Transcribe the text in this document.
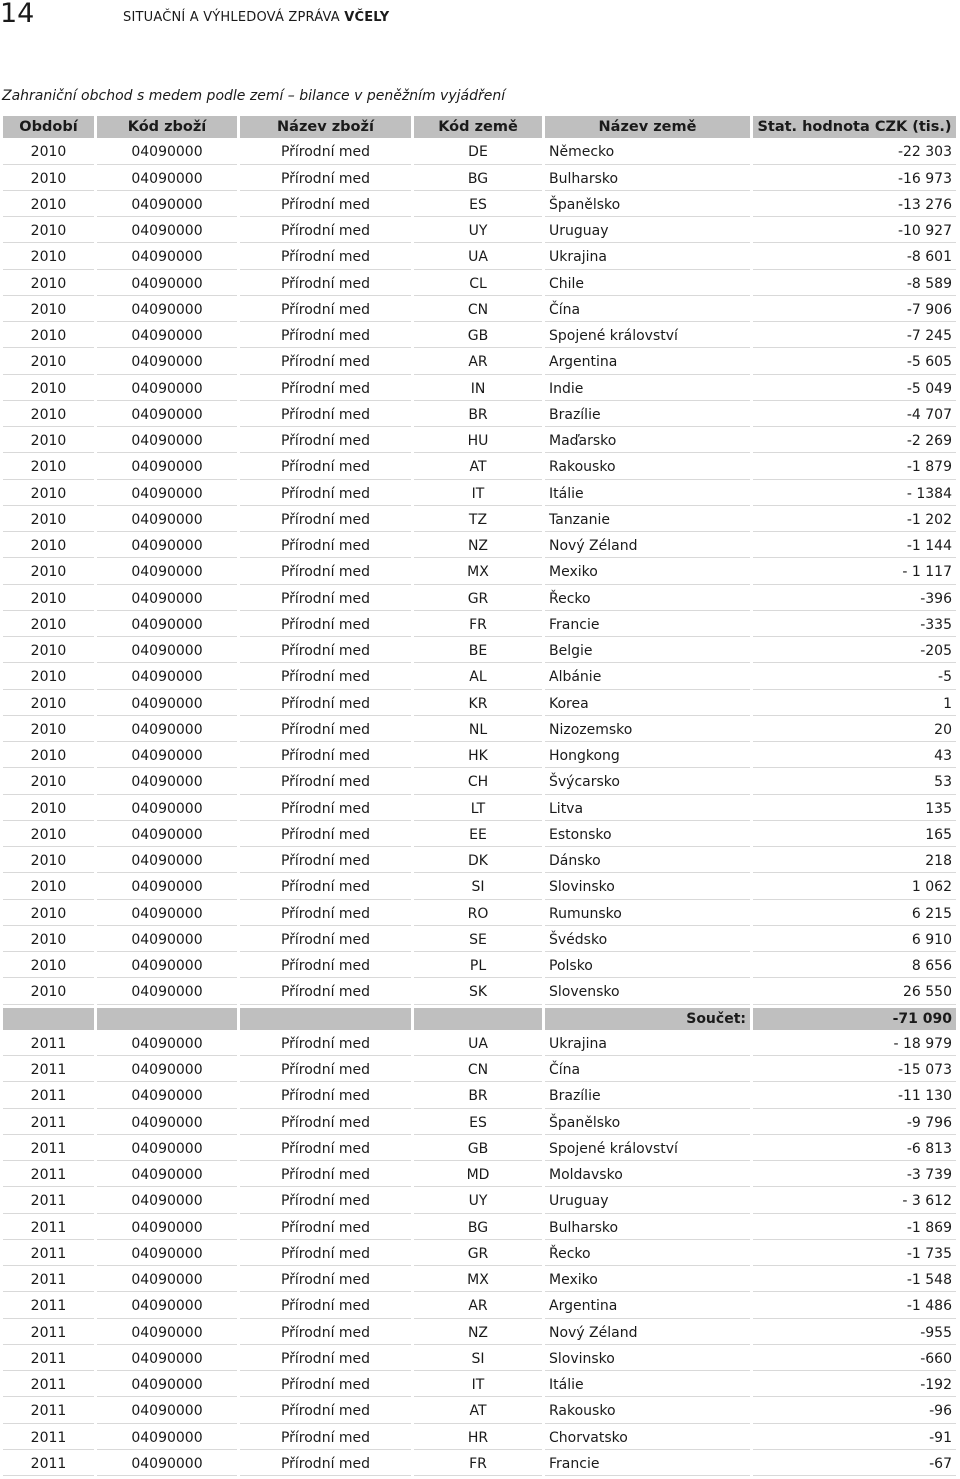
14	SITUAČNÍ A VÝHLEDOVÁ ZPRÁVA VČELY
Zahraniční obchod s medem podle zemí – bilance v peněžním vyjádření
Období	Kód zboží	Název zboží	Kód země	Název země	Stat. hodnota CZK (tis.)
2010	04090000	Přírodní med	DE	Německo	-22 303
2010	04090000	Přírodní med	BG	Bulharsko	-16 973
2010	04090000	Přírodní med	ES	Španělsko	-13 276
2010	04090000	Přírodní med	UY	Uruguay	-10 927
2010	04090000	Přírodní med	UA	Ukrajina	-8 601
2010	04090000	Přírodní med	CL	Chile	-8 589
2010	04090000	Přírodní med	CN	Čína	-7 906
2010	04090000	Přírodní med	GB	Spojené království	-7 245
2010	04090000	Přírodní med	AR	Argentina	-5 605
2010	04090000	Přírodní med	IN	Indie	-5 049
2010	04090000	Přírodní med	BR	Brazílie	-4 707
2010	04090000	Přírodní med	HU	Maďarsko	-2 269
2010	04090000	Přírodní med	AT	Rakousko	-1 879
2010	04090000	Přírodní med	IT	Itálie	- 1384
2010	04090000	Přírodní med	TZ	Tanzanie	-1 202
2010	04090000	Přírodní med	NZ	Nový Zéland	-1 144
2010	04090000	Přírodní med	MX	Mexiko	- 1 117
2010	04090000	Přírodní med	GR	Řecko	-396
2010	04090000	Přírodní med	FR	Francie	-335
2010	04090000	Přírodní med	BE	Belgie	-205
2010	04090000	Přírodní med	AL	Albánie	-5
2010	04090000	Přírodní med	KR	Korea	1
2010	04090000	Přírodní med	NL	Nizozemsko	20
2010	04090000	Přírodní med	HK	Hongkong	43
2010	04090000	Přírodní med	CH	Švýcarsko	53
2010	04090000	Přírodní med	LT	Litva	135
2010	04090000	Přírodní med	EE	Estonsko	165
2010	04090000	Přírodní med	DK	Dánsko	218
2010	04090000	Přírodní med	SI	Slovinsko	1 062
2010	04090000	Přírodní med	RO	Rumunsko	6 215
2010	04090000	Přírodní med	SE	Švédsko	6 910
2010	04090000	Přírodní med	PL	Polsko	8 656
2010	04090000	Přírodní med	SK	Slovensko	26 550
				Součet:	-71 090
2011	04090000	Přírodní med	UA	Ukrajina	- 18 979
2011	04090000	Přírodní med	CN	Čína	-15 073
2011	04090000	Přírodní med	BR	Brazílie	-11 130
2011	04090000	Přírodní med	ES	Španělsko	-9 796
2011	04090000	Přírodní med	GB	Spojené království	-6 813
2011	04090000	Přírodní med	MD	Moldavsko	-3 739
2011	04090000	Přírodní med	UY	Uruguay	- 3 612
2011	04090000	Přírodní med	BG	Bulharsko	-1 869
2011	04090000	Přírodní med	GR	Řecko	-1 735
2011	04090000	Přírodní med	MX	Mexiko	-1 548
2011	04090000	Přírodní med	AR	Argentina	-1 486
2011	04090000	Přírodní med	NZ	Nový Zéland	-955
2011	04090000	Přírodní med	SI	Slovinsko	-660
2011	04090000	Přírodní med	IT	Itálie	-192
2011	04090000	Přírodní med	AT	Rakousko	-96
2011	04090000	Přírodní med	HR	Chorvatsko	-91
2011	04090000	Přírodní med	FR	Francie	-67
